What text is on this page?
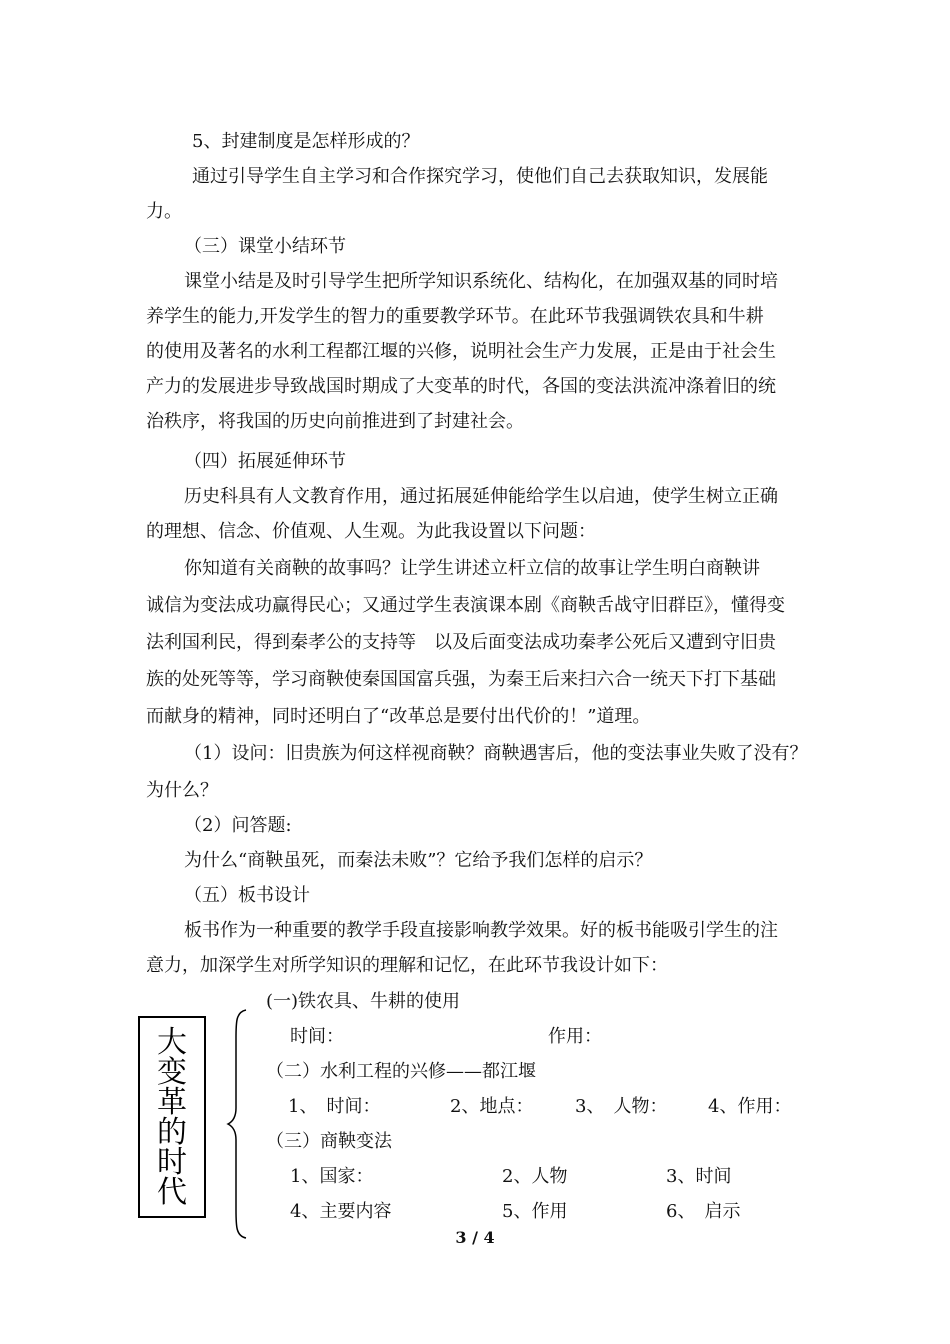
5、封建制度是怎样形成的？
通过引导学生自主学习和合作探究学习，使他们自己去获取知识，发展能
力。
（三）课堂小结环节
课堂小结是及时引导学生把所学知识系统化、结构化，在加强双基的同时培
养学生的能力,开发学生的智力的重要教学环节。在此环节我强调铁农具和牛耕
的使用及著名的水利工程都江堰的兴修，说明社会生产力发展，正是由于社会生
产力的发展进步导致战国时期成了大变革的时代，各国的变法洪流冲涤着旧的统
治秩序，将我国的历史向前推进到了封建社会。
（四）拓展延伸环节
历史科具有人文教育作用，通过拓展延伸能给学生以启迪，使学生树立正确
的理想、信念、价值观、人生观。为此我设置以下问题：
你知道有关商鞅的故事吗？让学生讲述立杆立信的故事让学生明白商鞅讲
诚信为变法成功赢得民心；又通过学生表演课本剧《商鞅舌战守旧群臣》，懂得变
法利国利民，得到秦孝公的支持等　以及后面变法成功秦孝公死后又遭到守旧贵
族的处死等等，学习商鞅使秦国国富兵强，为秦王后来扫六合一统天下打下基础
而献身的精神，同时还明白了“改革总是要付出代价的！”道理。
（1）设问：旧贵族为何这样视商鞅？商鞅遇害后，他的变法事业失败了没有？
为什么？
（2）问答题:
为什么“商鞅虽死，而秦法未败”？它给予我们怎样的启示？
（五）板书设计
板书作为一种重要的教学手段直接影响教学效果。好的板书能吸引学生的注
意力，加深学生对所学知识的理解和记忆，在此环节我设计如下：
(一)铁农具、牛耕的使用
时间：	作用：
（二）水利工程的兴修——都江堰
1、　时间：	2、地点： 3、　人物： 4、作用：
（三）商鞅变法
1、国家：	2、人物	3、时间
4、主要内容	5、作用	6、　启示
大
变
革
的
时
代
3 / 4
